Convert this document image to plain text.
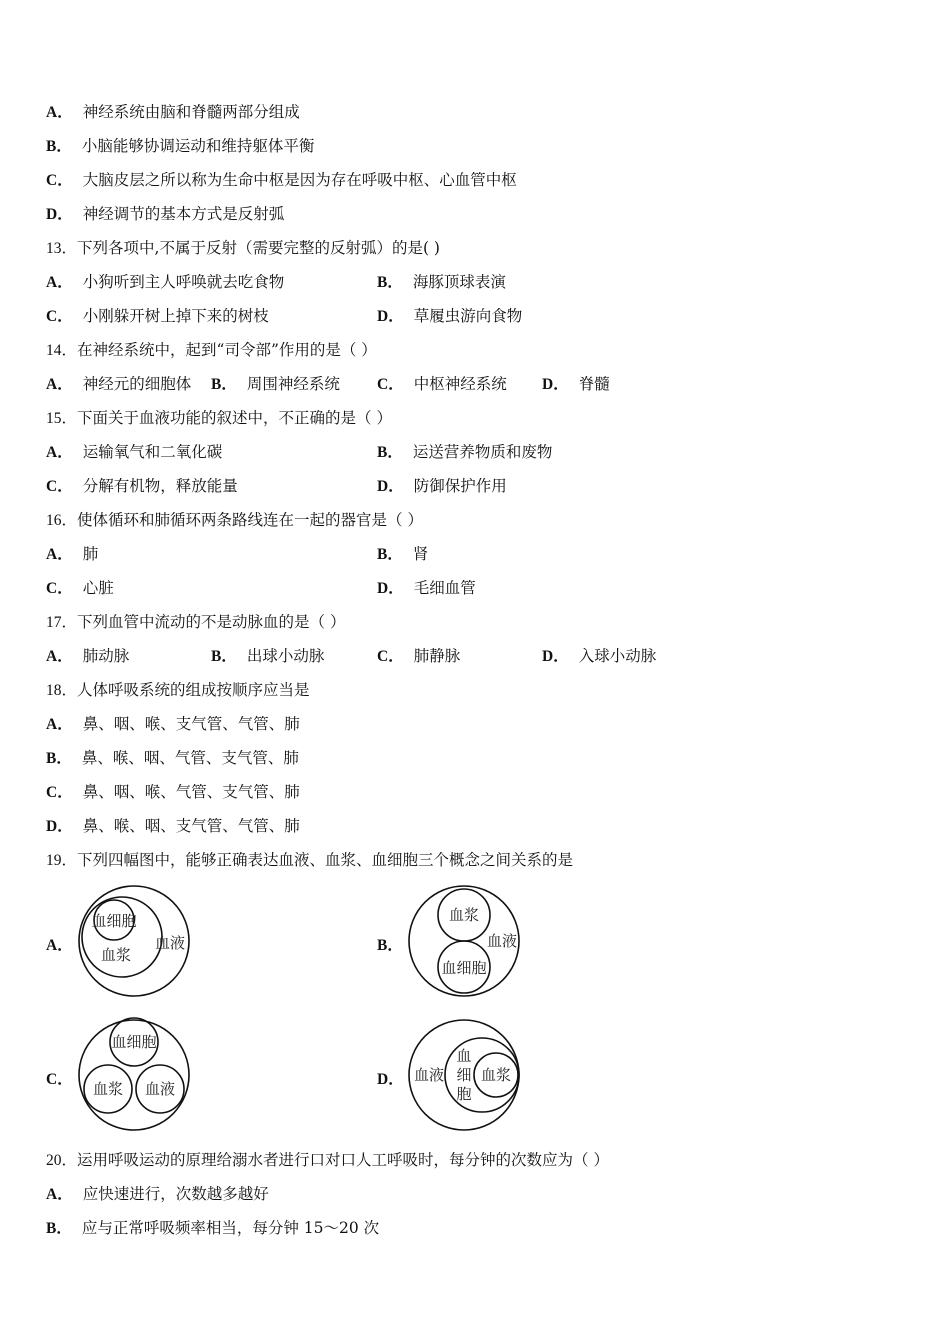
A． 神经系统由脑和脊髓两部分组成
B． 小脑能够协调运动和维持躯体平衡
C． 大脑皮层之所以称为生命中枢是因为存在呼吸中枢、心血管中枢
D． 神经调节的基本方式是反射弧
13．下列各项中,不属于反射（需要完整的反射弧）的是( )
A． 小狗听到主人呼唤就去吃食物	B． 海豚顶球表演
C． 小刚躲开树上掉下来的树枝	D． 草履虫游向食物
14．在神经系统中，起到“司令部”作用的是（ ）
A． 神经元的细胞体 B． 周围神经系统 C． 中枢神经系统 D． 脊髓
15．下面关于血液功能的叙述中，不正确的是（ ）
A． 运输氧气和二氧化碳	B． 运送营养物质和废物
C． 分解有机物，释放能量	D． 防御保护作用
16．使体循环和肺循环两条路线连在一起的器官是（ ）
A． 肺	B． 肾
C． 心脏	D． 毛细血管
17．下列血管中流动的不是动脉血的是（ ）
A． 肺动脉	B． 出球小动脉	C． 肺静脉	D． 入球小动脉
18．人体呼吸系统的组成按顺序应当是
A． 鼻、咽、喉、支气管、气管、肺
B． 鼻、喉、咽、气管、支气管、肺
C． 鼻、咽、喉、气管、支气管、肺
D． 鼻、喉、咽、支气管、气管、肺
19．下列四幅图中，能够正确表达血液、血浆、血细胞三个概念之间关系的是
A．
血细胞
血浆
血液	B．
血浆
血液
血细胞
C．
血细胞
血浆 血液
D． 血液
血
细
胞
血浆
20．运用呼吸运动的原理给溺水者进行口对口人工呼吸时，每分钟的次数应为（ ）
A． 应快速进行，次数越多越好
B． 应与正常呼吸频率相当，每分钟 15～20 次
